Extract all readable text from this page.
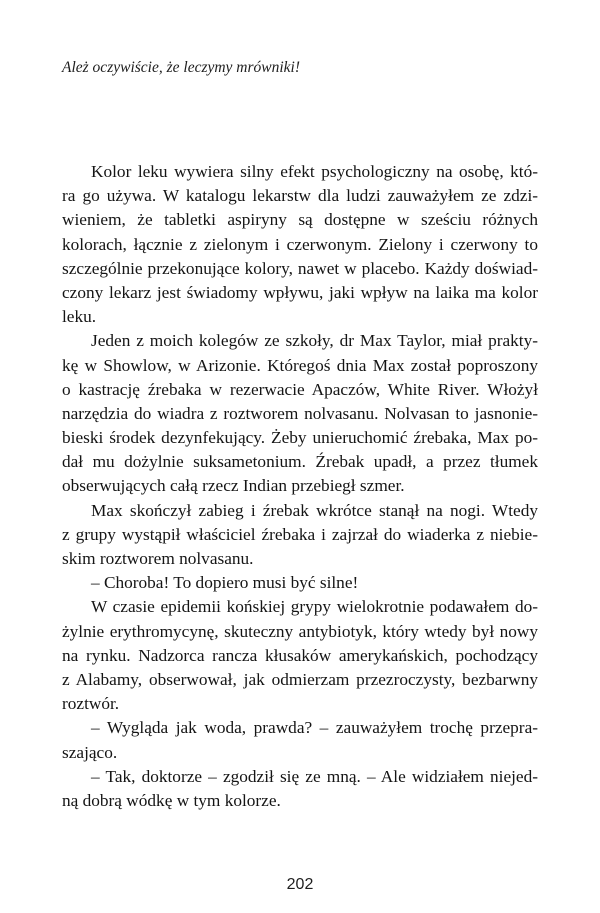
Ależ oczywiście, że leczymy mrówniki!
Kolor leku wywiera silny efekt psychologiczny na osobę, któ-
ra go używa. W katalogu lekarstw dla ludzi zauważyłem ze zdzi-
wieniem, że tabletki aspiryny są dostępne w sześciu różnych
kolorach, łącznie z zielonym i czerwonym. Zielony i czerwony to
szczególnie przekonujące kolory, nawet w placebo. Każdy doświad-
czony lekarz jest świadomy wpływu, jaki wpływ na laika ma kolor
leku.
Jeden z moich kolegów ze szkoły, dr Max Taylor, miał prakty-
kę w Showlow, w Arizonie. Któregoś dnia Max został poproszony
o kastrację źrebaka w rezerwacie Apaczów, White River. Włożył
narzędzia do wiadra z roztworem nolvasanu. Nolvasan to jasnonie-
bieski środek dezynfekujący. Żeby unieruchomić źrebaka, Max po-
dał mu dożylnie suksametonium. Źrebak upadł, a przez tłumek
obserwujących całą rzecz Indian przebiegł szmer.
Max skończył zabieg i źrebak wkrótce stanął na nogi. Wtedy
z grupy wystąpił właściciel źrebaka i zajrzał do wiaderka z niebie-
skim roztworem nolvasanu.
– Choroba! To dopiero musi być silne!
W czasie epidemii końskiej grypy wielokrotnie podawałem do-
żylnie erythromycynę, skuteczny antybiotyk, który wtedy był nowy
na rynku. Nadzorca rancza kłusaków amerykańskich, pochodzący
z Alabamy, obserwował, jak odmierzam przezroczysty, bezbarwny
roztwór.
– Wygląda jak woda, prawda? – zauważyłem trochę przeprа-
szająco.
– Tak, doktorze – zgodził się ze mną. – Ale widziałem niejed-
ną dobrą wódkę w tym kolorze.
202
